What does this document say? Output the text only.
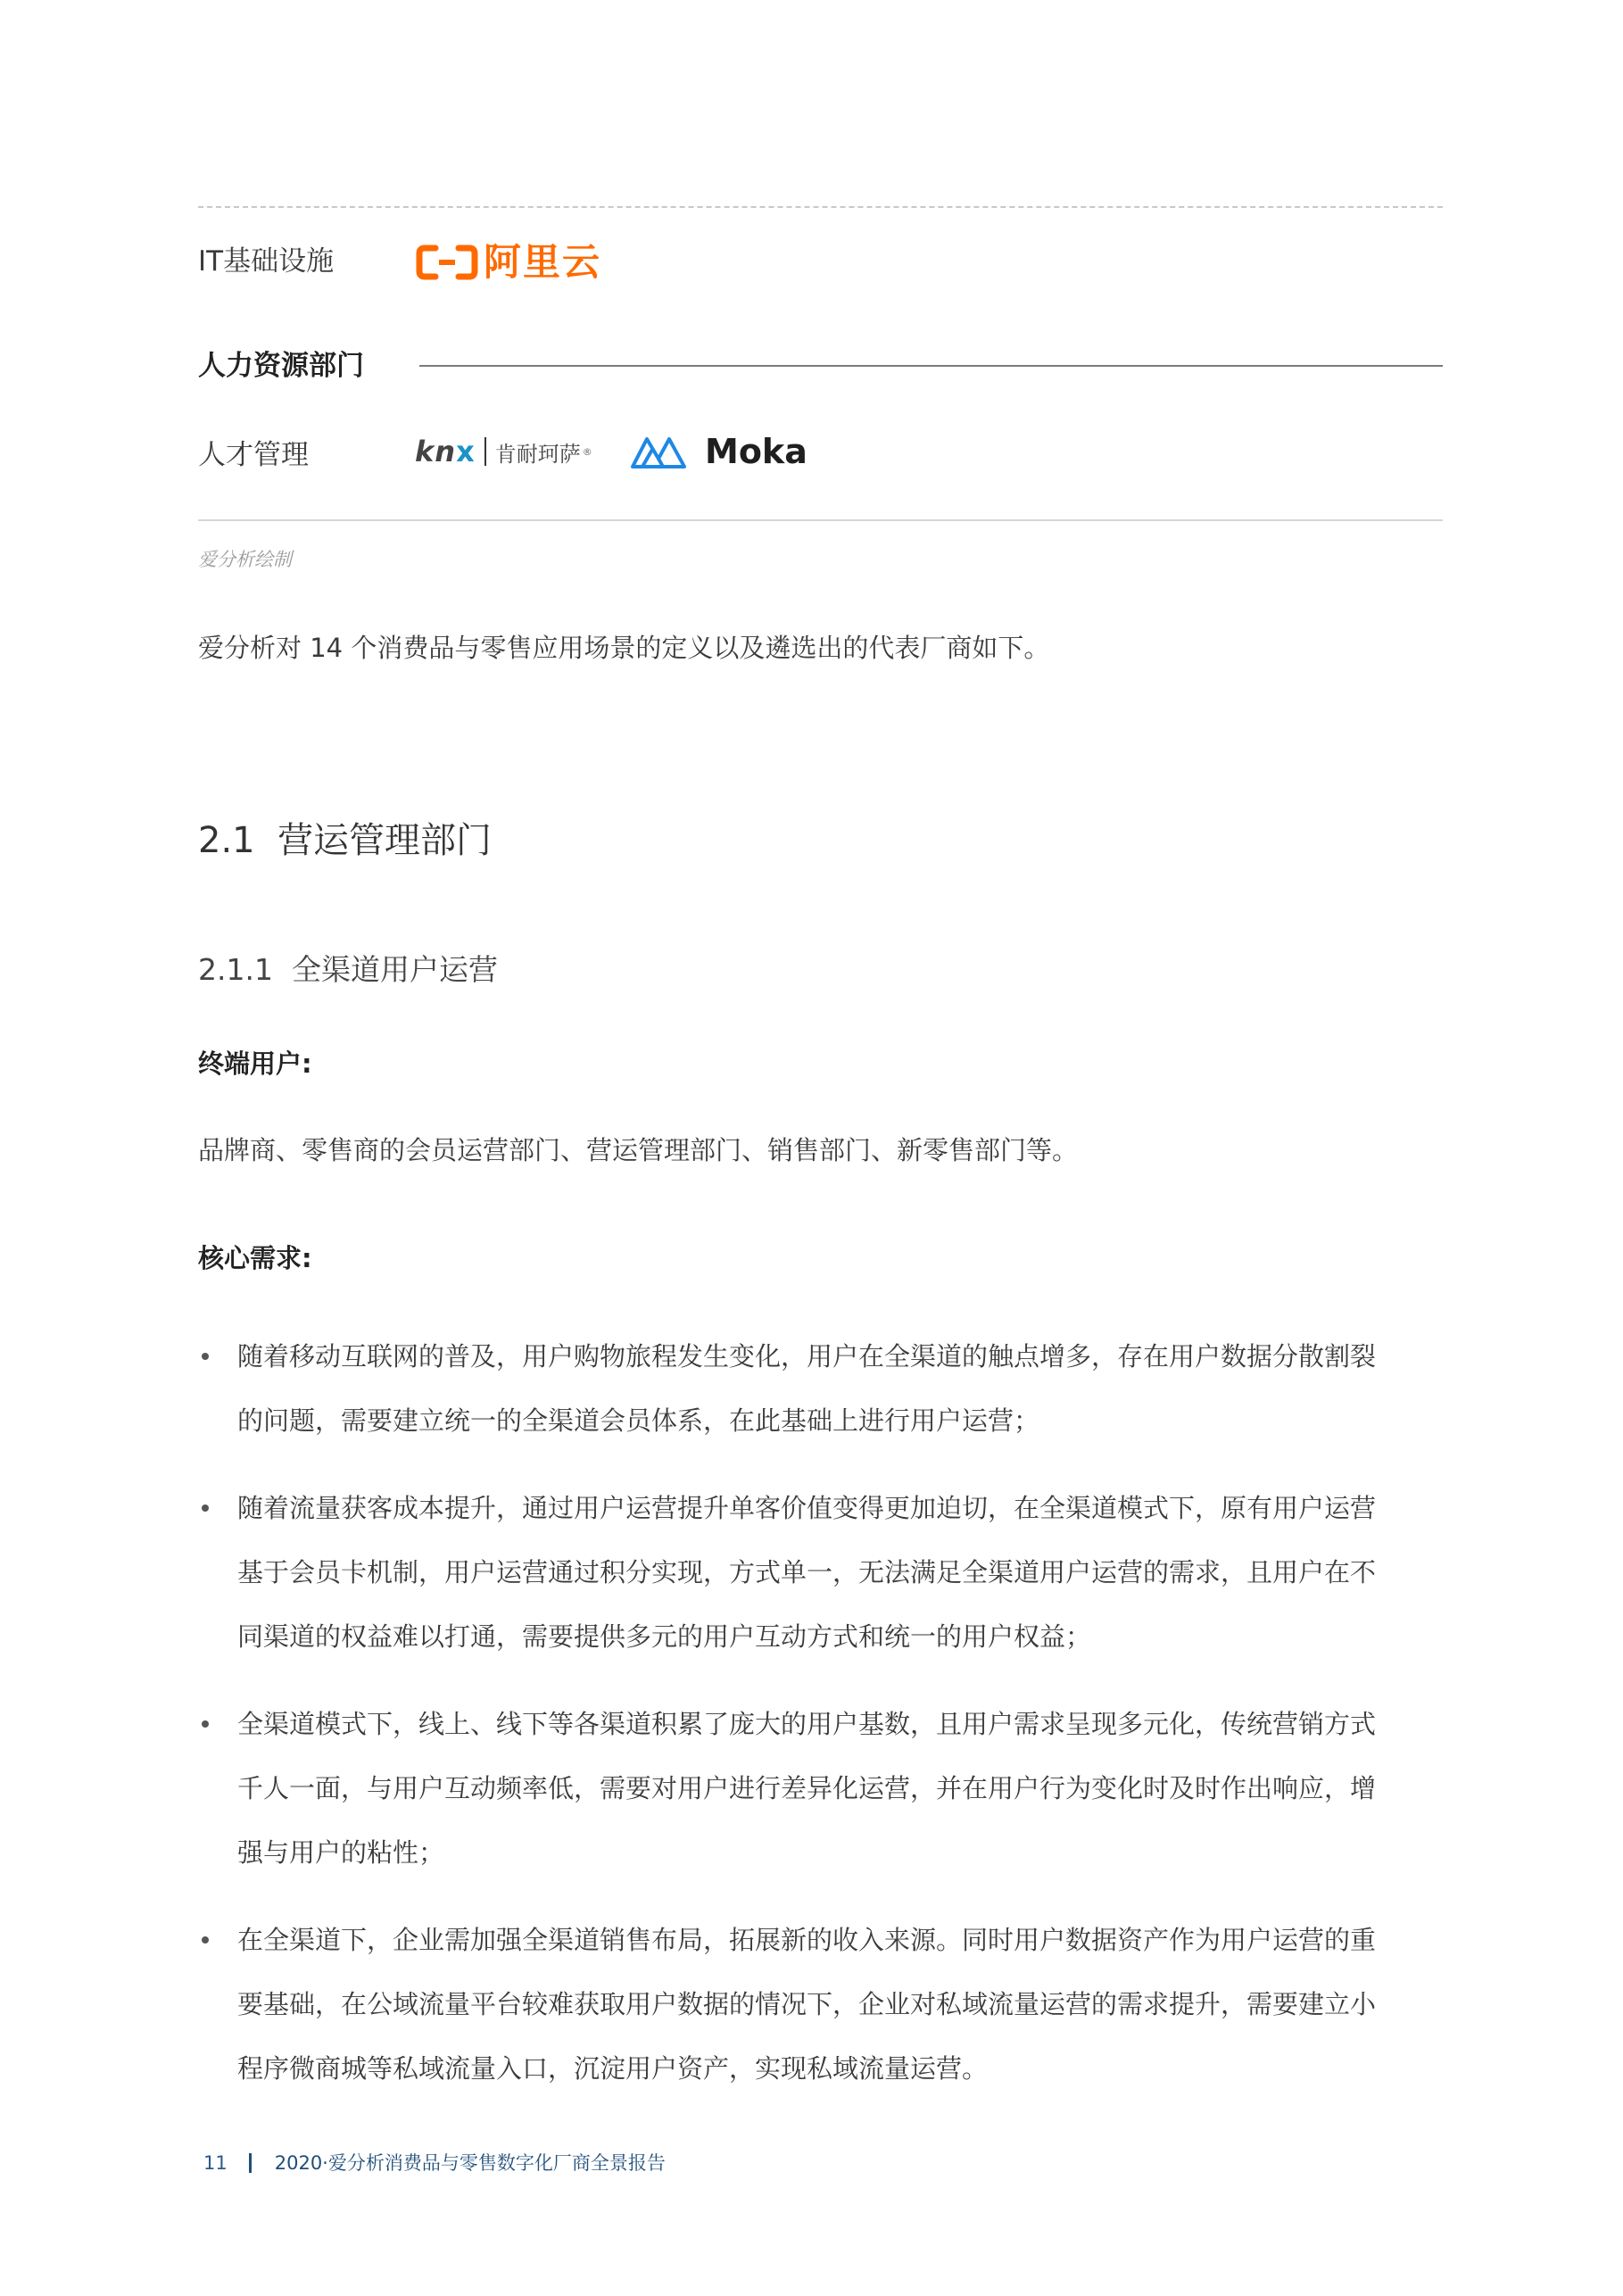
IT基础设施	阿里云
人力资源部门
人才管理	knx 肯耐珂萨 ®	Moka
爱分析绘制
爱分析对 14 个消费品与零售应用场景的定义以及遴选出的代表厂商如下。
2.1 营运管理部门
2.1.1 全渠道用户运营
终端用户:
品牌商、零售商的会员运营部门、营运管理部门、销售部门、新零售部门等。
核心需求:
随着移动互联网的普及，用户购物旅程发生变化，用户在全渠道的触点增多，存在用户数据分散割裂
的问题，需要建立统一的全渠道会员体系，在此基础上进行用户运营；
随着流量获客成本提升，通过用户运营提升单客价值变得更加迫切，在全渠道模式下，原有用户运营
基于会员卡机制，用户运营通过积分实现，方式单一，无法满足全渠道用户运营的需求，且用户在不
同渠道的权益难以打通，需要提供多元的用户互动方式和统一的用户权益；
全渠道模式下，线上、线下等各渠道积累了庞大的用户基数，且用户需求呈现多元化，传统营销方式
千人一面，与用户互动频率低，需要对用户进行差异化运营，并在用户行为变化时及时作出响应，增
强与用户的粘性；
在全渠道下，企业需加强全渠道销售布局，拓展新的收入来源。同时用户数据资产作为用户运营的重
要基础，在公域流量平台较难获取用户数据的情况下，企业对私域流量运营的需求提升，需要建立小
程序微商城等私域流量入口，沉淀用户资产，实现私域流量运营。
11	2020·爱分析消费品与零售数字化厂商全景报告
